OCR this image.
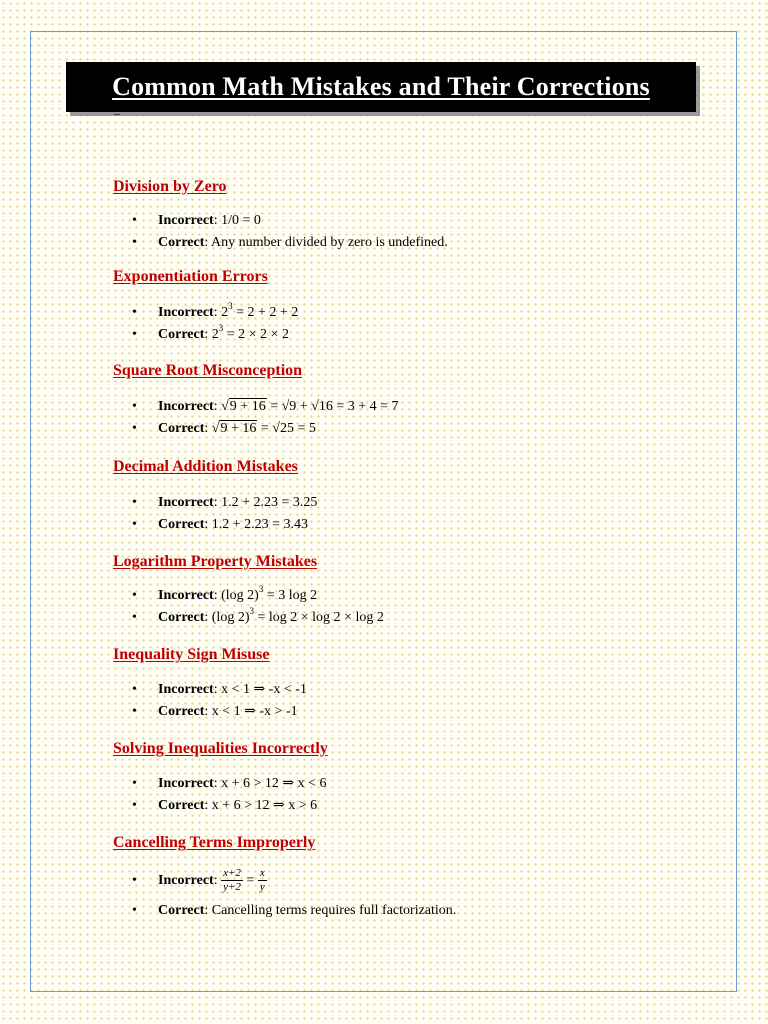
Common Math Mistakes and Their Corrections
–
Division by Zero
• Incorrect: 1/0 = 0
• Correct: Any number divided by zero is undefined.
Exponentiation Errors
• Incorrect: $2^3 = 2 + 2 + 2$
• Correct: $2^3 = 2 \times 2 \times 2$
Square Root Misconception
• Incorrect: √9 + 16 = √9 + √16 = 3 + 4 = 7
• Correct: √9 + 16 = √25 = 5
Decimal Addition Mistakes
• Incorrect: 1.2 + 2.23 = 3.25
• Correct: 1.2 + 2.23 = 3.43
Logarithm Property Mistakes
• Incorrect: (log 2)$^3$ = 3 log 2
• Correct: (log 2)$^3$ = log 2 × log 2 × log 2
Inequality Sign Misuse
• Incorrect: x < 1 ⇒ -x < -1
• Correct: x < 1 ⇒ -x > -1
Solving Inequalities Incorrectly
• Incorrect: x + 6 > 12 ⇒ x < 6
• Correct: x + 6 > 12 ⇒ x > 6
Cancelling Terms Improperly
• Incorrect: $\frac{x+2}{y+2} = \frac{x}{y}$
• Correct: Cancelling terms requires full factorization.
